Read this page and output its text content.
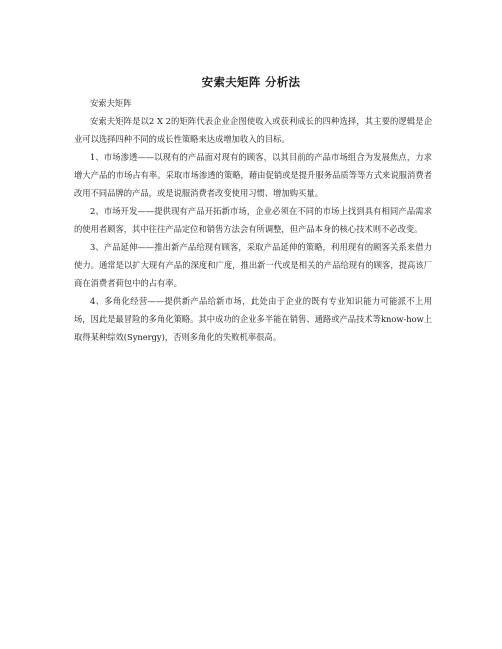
安索夫矩阵 分析法

安索夫矩阵

安索夫矩阵是以2 X 2的矩阵代表企业企图使收入或获利成长的四种选择，其主要的逻辑是企业可以选择四种不同的成长性策略来达成增加收入的目标。

1、市场渗透——以现有的产品面对现有的顾客，以其目前的产品市场组合为发展焦点，力求增大产品的市场占有率。采取市场渗透的策略，藉由促销或是提升服务品质等等方式来说服消费者改用不同品牌的产品，或是说服消费者改变使用习惯、增加购买量。

2、市场开发——提供现有产品开拓新市场，企业必须在不同的市场上找到具有相同产品需求的使用者顾客，其中往往产品定位和销售方法会有所调整，但产品本身的核心技术则不必改变。

3、产品延伸——推出新产品给现有顾客，采取产品延伸的策略，利用现有的顾客关系来借力使力。通常是以扩大现有产品的深度和广度，推出新一代或是相关的产品给现有的顾客，提高该厂商在消费者荷包中的占有率。

4、多角化经营——提供新产品给新市场，此处由于企业的既有专业知识能力可能派不上用场，因此是最冒险的多角化策略。其中成功的企业多半能在销售、通路或产品技术等know-how上取得某种综效(Synergy)，否则多角化的失败机率很高。
